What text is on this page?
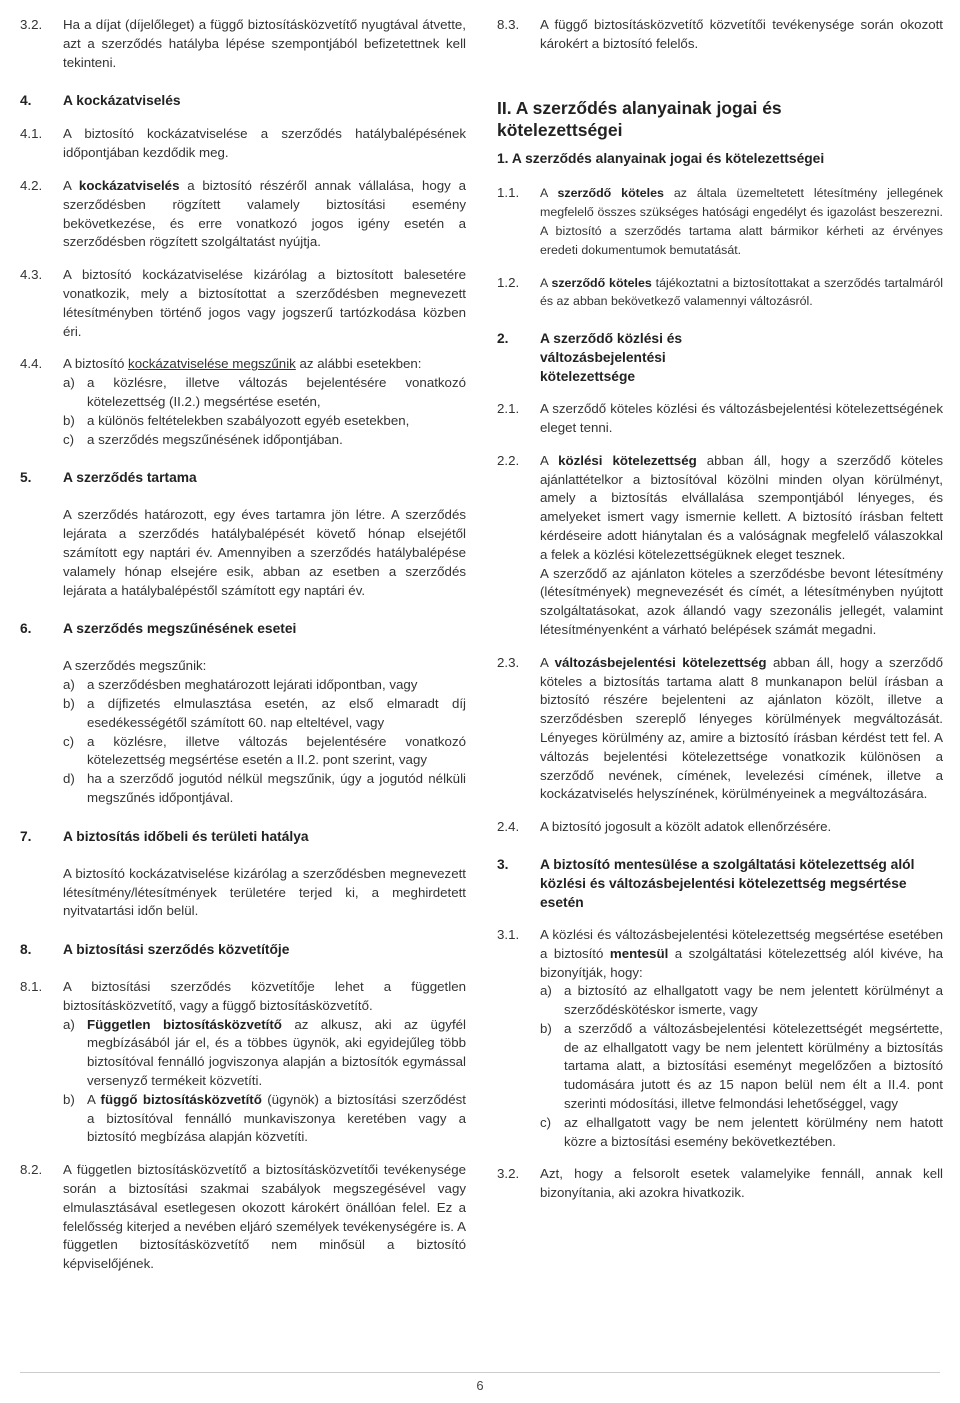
3.2.	Ha a díjat (díjelőleget) a függő biztosításközvetítő nyugtával átvette, azt a szerződés hatályba lépése szempontjából befizetettnek kell tekinteni.

4.	A kockázatviselés
4.1.	A biztosító kockázatviselése a szerződés hatálybalépésének időpontjában kezdődik meg.

4.2.	A kockázatviselés a biztosító részéről annak vállalása, hogy a szerződésben rögzített valamely biztosítási esemény bekövetkezése, és erre vonatkozó jogos igény esetén a szerződésben rögzített szolgáltatást nyújtja.

4.3.	A biztosító kockázatviselése kizárólag a biztosított balesetére vonatkozik, mely a biztosítottat a szerződésben megnevezett létesítményben történő jogos vagy jogszerű tartózkodása közben éri.

4.4.	A biztosító kockázatviselése megszűnik az alábbi esetekben:

a) a közlésre, illetve változás bejelentésére vonatkozó kötelezettség (II.2.) megsértése esetén,
b) a különös feltételekben szabályozott egyéb esetekben,
c) a szerződés megszűnésének időpontjában.
5.	A szerződés tartama

A szerződés határozott, egy éves tartamra jön létre. A szerződés lejárata a szerződés hatálybalépését követő hónap elsejétől számított egy naptári év. Amennyiben a szerződés hatálybalépése valamely hónap elsejére esik, abban az esetben a szerződés lejárata a hatálybalépéstől számított egy naptári év.

6.	A szerződés megszűnésének esetei

A szerződés megszűnik:

a) a szerződésben meghatározott lejárati időpontban, vagy
b) a díjfizetés elmulasztása esetén, az első elmaradt díj esedékességétől számított 60. nap elteltével, vagy
c) a közlésre, illetve változás bejelentésére vonatkozó kötelezettség megsértése esetén a II.2. pont szerint, vagy
d) ha a szerződő jogutód nélkül megszűnik, úgy a jogutód nélküli megszűnés időpontjával.
7.	A biztosítás időbeli és területi hatálya

A biztosító kockázatviselése kizárólag a szerződésben megnevezett létesítmény/létesítmények területére terjed ki, a meghirdetett nyitvatartási időn belül.

8.	A biztosítási szerződés közvetítője
8.1.	A biztosítási szerződés közvetítője lehet a független biztosításközvetítő, vagy a függő biztosításközvetítő.

a) Független biztosításközvetítő az alkusz, aki az ügyfél megbízásából jár el, és a többes ügynök, aki egyidejűleg több biztosítóval fennálló jogviszonya alapján a biztosítók egymással versenyző termékeit közvetíti.
b) A függő biztosításközvetítő (ügynök) a biztosítási szerződést a biztosítóval fennálló munkaviszonya keretében vagy a biztosító megbízása alapján közvetíti.
8.2.	A független biztosításközvetítő a biztosításközvetítői tevékenysége során a biztosítási szakmai szabályok megszegésével vagy elmulasztásával esetlegesen okozott károkért önállóan felel. Ez a felelősség kiterjed a nevében eljáró személyek tevékenységére is. A független biztosításközvetítő nem minősül a biztosító képviselőjének.

8.3.	A függő biztosításközvetítő közvetítői tevékenysége során okozott károkért a biztosító felelős.

II. A szerződés alanyainak jogai és kötelezettségei
1. A szerződés alanyainak jogai és kötelezettségei
1.1.	A szerződő köteles az általa üzemeltetett létesítmény jellegének megfelelő összes szükséges hatósági engedélyt és igazolást beszerezni. A biztosító a szerződés tartama alatt bármikor kérheti az érvényes eredeti dokumentumok bemutatását.

1.2.	A szerződő köteles tájékoztatni a biztosítottakat a szerződés tartalmáról és az abban bekövetkező valamennyi változásról.

2.	A szerződő közlési és változásbejelentési kötelezettsége
2.1.	A szerződő köteles közlési és változásbejelentési kötelezettségének eleget tenni.

2.2.	A közlési kötelezettség abban áll, hogy a szerződő köteles ajánlattételkor a biztosítóval közölni minden olyan körülményt, amely a biztosítás elvállalása szempontjából lényeges, és amelyeket ismert vagy ismernie kellett. A biztosító írásban feltett kérdéseire adott hiánytalan és a valóságnak megfelelő válaszokkal a felek a közlési kötelezettségüknek eleget tesznek.

A szerződő az ajánlaton köteles a szerződésbe bevont létesítmény (létesítmények) megnevezését és címét, a létesítményben nyújtott szolgáltatásokat, azok állandó vagy szezonális jellegét, valamint létesítményenként a várható belépések számát megadni.

2.3.	A változásbejelentési kötelezettség abban áll, hogy a szerződő köteles a biztosítás tartama alatt 8 munkanapon belül írásban a biztosító részére bejelenteni az ajánlaton közölt, illetve a szerződésben szereplő lényeges körülmények megváltozását. Lényeges körülmény az, amire a biztosító írásban kérdést tett fel. A változás bejelentési kötelezettsége vonatkozik különösen a szerződő nevének, címének, levelezési címének, illetve a kockázatviselés helyszínének, körülményeinek a megváltozására.

2.4.	A biztosító jogosult a közölt adatok ellenőrzésére.

3.	A biztosító mentesülése a szolgáltatási kötelezettség alól közlési és változásbejelentési kötelezettség megsértése esetén
3.1.	A közlési és változásbejelentési kötelezettség megsértése esetében a biztosító mentesül a szolgáltatási kötelezettség alól kivéve, ha bizonyítják, hogy:

a) a biztosító az elhallgatott vagy be nem jelentett körülményt a szerződéskötéskor ismerte, vagy
b) a szerződő a változásbejelentési kötelezettségét megsértette, de az elhallgatott vagy be nem jelentett körülmény a biztosítás tartama alatt, a biztosítási eseményt megelőzően a biztosító tudomására jutott és az 15 napon belül nem élt a II.4. pont szerinti módosítási, illetve felmondási lehetőséggel, vagy
c) az elhallgatott vagy be nem jelentett körülmény nem hatott közre a biztosítási esemény bekövetkeztében.
3.2.	Azt, hogy a felsorolt esetek valamelyike fennáll, annak kell bizonyítania, aki azokra hivatkozik.

6
